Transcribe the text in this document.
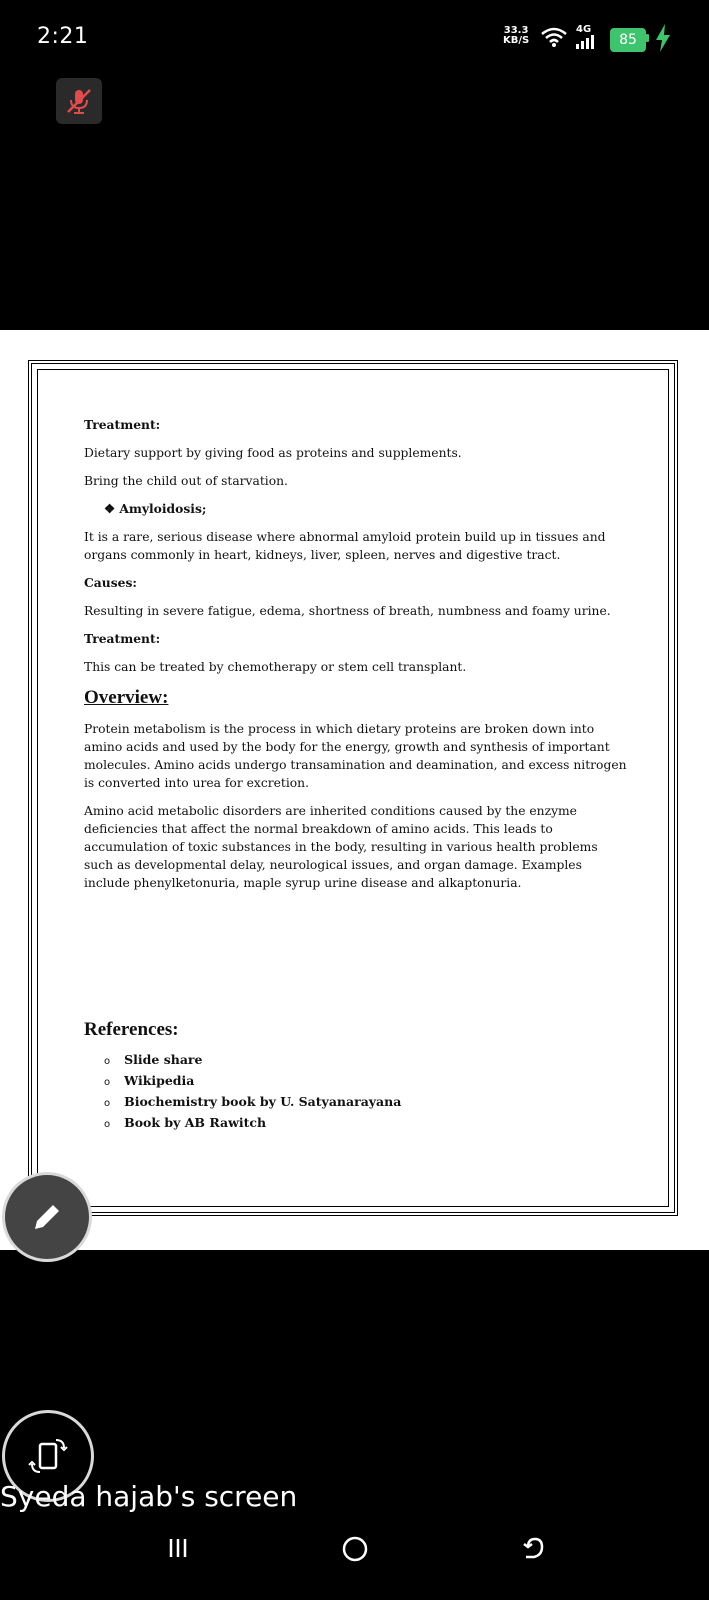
2:21	33.3
KB/S
4G
85

Treatment:

Dietary support by giving food as proteins and supplements.

Bring the child out of starvation.

❖ Amyloidosis;

It is a rare, serious disease where abnormal amyloid protein build up in tissues and organs commonly in heart, kidneys, liver, spleen, nerves and digestive tract.

Causes:

Resulting in severe fatigue, edema, shortness of breath, numbness and foamy urine.

Treatment:

This can be treated by chemotherapy or stem cell transplant.

Overview:

Protein metabolism is the process in which dietary proteins are broken down into amino acids and used by the body for the energy, growth and synthesis of important molecules. Amino acids undergo transamination and deamination, and excess nitrogen is converted into urea for excretion.

Amino acid metabolic disorders are inherited conditions caused by the enzyme deficiencies that affect the normal breakdown of amino acids. This leads to accumulation of toxic substances in the body, resulting in various health problems such as developmental delay, neurological issues, and organ damage. Examples include phenylketonuria, maple syrup urine disease and alkaptonuria.

References:

o Slide share
o Wikipedia
o Biochemistry book by U. Satyanarayana
o Book by AB Rawitch
Syeda hajab's screen
